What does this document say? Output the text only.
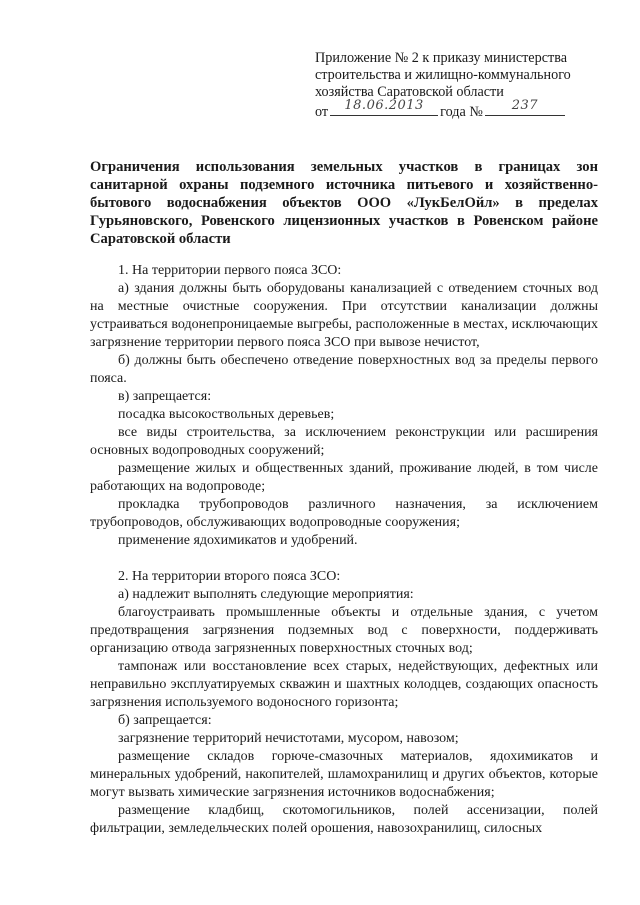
Приложение № 2 к приказу министерства
строительства и жилищно-коммунального
хозяйства Саратовской области
от	18.06.2013	года №	237
Ограничения использования земельных участков в границах зон санитарной охраны подземного источника питьевого и хозяйственно-бытового водоснабжения объектов ООО «ЛукБелОйл» в пределах Гурьяновского, Ровенского лицензионных участков в Ровенском районе Саратовской области

1. На территории первого пояса ЗСО:

а) здания должны быть оборудованы канализацией с отведением сточных вод на местные очистные сооружения. При отсутствии канализации должны устраиваться водонепроницаемые выгребы, расположенные в местах, исключающих загрязнение территории первого пояса ЗСО при вывозе нечистот,

б) должны быть обеспечено отведение поверхностных вод за пределы первого пояса.

в) запрещается:

посадка высокоствольных деревьев;

все виды строительства, за исключением реконструкции или расширения основных водопроводных сооружений;

размещение жилых и общественных зданий, проживание людей, в том числе работающих на водопроводе;

прокладка трубопроводов различного назначения, за исключением трубопроводов, обслуживающих водопроводные сооружения;

применение ядохимикатов и удобрений.

2. На территории второго пояса ЗСО:

а) надлежит выполнять следующие мероприятия:

благоустраивать промышленные объекты и отдельные здания, с учетом предотвращения загрязнения подземных вод с поверхности, поддерживать организацию отвода загрязненных поверхностных сточных вод;

тампонаж или восстановление всех старых, недействующих, дефектных или неправильно эксплуатируемых скважин и шахтных колодцев, создающих опасность загрязнения используемого водоносного горизонта;

б) запрещается:

загрязнение территорий нечистотами, мусором, навозом;

размещение складов горюче-смазочных материалов, ядохимикатов и минеральных удобрений, накопителей, шламохранилищ и других объектов, которые могут вызвать химические загрязнения источников водоснабжения;

размещение кладбищ, скотомогильников, полей ассенизации, полей фильтрации, земледельческих полей орошения, навозохранилищ, силосных
